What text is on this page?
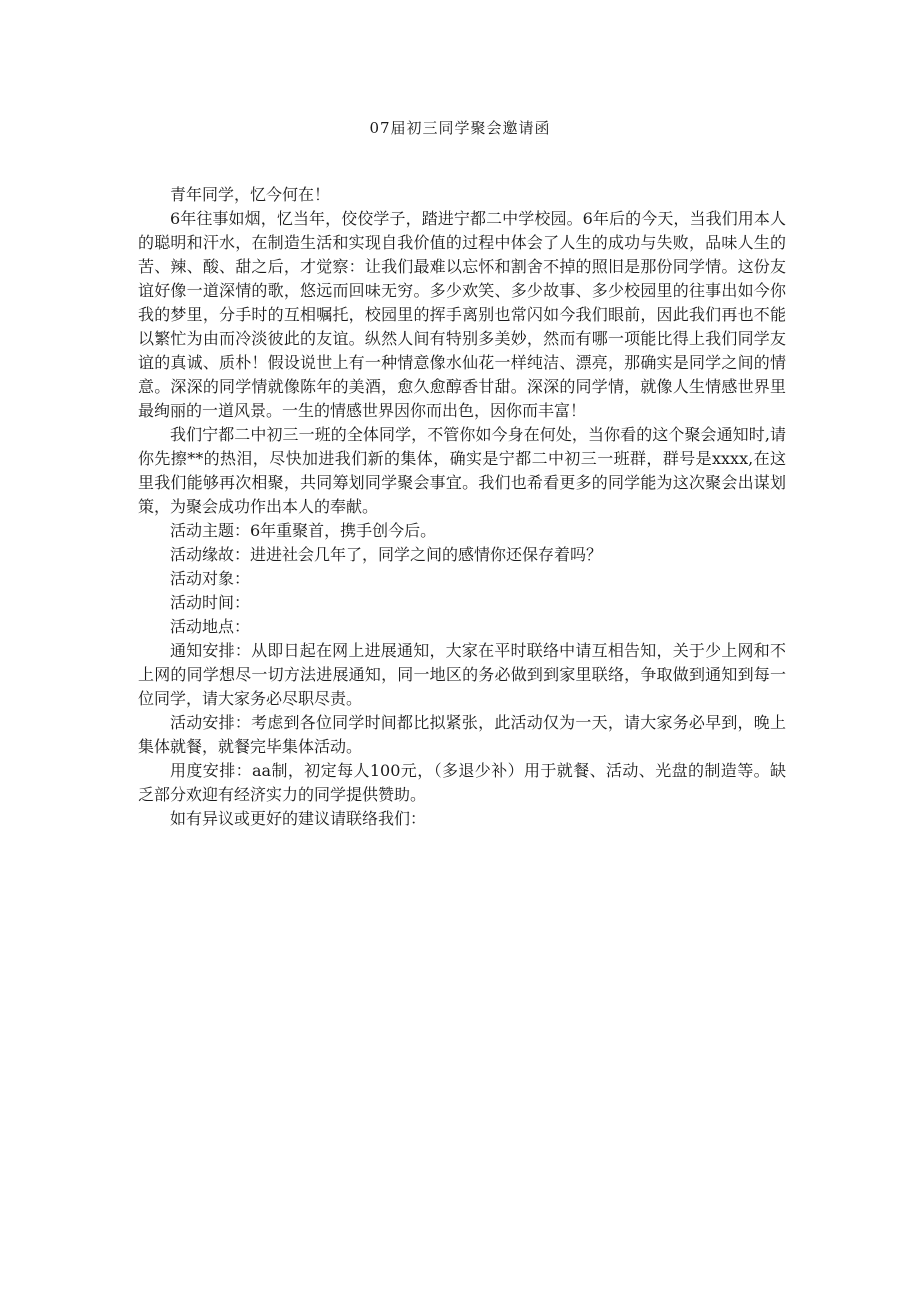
07届初三同学聚会邀请函

青年同学，忆今何在！

6年往事如烟，忆当年，佼佼学子，踏进宁都二中学校园。6年后的今天，当我们用本人的聪明和汗水，在制造生活和实现自我价值的过程中体会了人生的成功与失败，品味人生的苦、辣、酸、甜之后，才觉察：让我们最难以忘怀和割舍不掉的照旧是那份同学情。这份友谊好像一道深情的歌，悠远而回味无穷。多少欢笑、多少故事、多少校园里的往事出如今你我的梦里，分手时的互相嘱托，校园里的挥手离别也常闪如今我们眼前，因此我们再也不能以繁忙为由而冷淡彼此的友谊。纵然人间有特别多美妙，然而有哪一项能比得上我们同学友谊的真诚、质朴！假设说世上有一种情意像水仙花一样纯洁、漂亮，那确实是同学之间的情意。深深的同学情就像陈年的美酒，愈久愈醇香甘甜。深深的同学情，就像人生情感世界里最绚丽的一道风景。一生的情感世界因你而出色，因你而丰富！

我们宁都二中初三一班的全体同学，不管你如今身在何处，当你看的这个聚会通知时,请你先擦**的热泪，尽快加进我们新的集体，确实是宁都二中初三一班群，群号是xxxx,在这里我们能够再次相聚，共同筹划同学聚会事宜。我们也希看更多的同学能为这次聚会出谋划策，为聚会成功作出本人的奉献。

活动主题：6年重聚首，携手创今后。

活动缘故：进进社会几年了，同学之间的感情你还保存着吗？

活动对象：

活动时间：

活动地点：

通知安排：从即日起在网上进展通知，大家在平时联络中请互相告知，关于少上网和不上网的同学想尽一切方法进展通知，同一地区的务必做到到家里联络，争取做到通知到每一位同学，请大家务必尽职尽责。

活动安排：考虑到各位同学时间都比拟紧张，此活动仅为一天，请大家务必早到，晚上集体就餐，就餐完毕集体活动。

用度安排：aa制，初定每人100元，（多退少补）用于就餐、活动、光盘的制造等。缺乏部分欢迎有经济实力的同学提供赞助。

如有异议或更好的建议请联络我们：
